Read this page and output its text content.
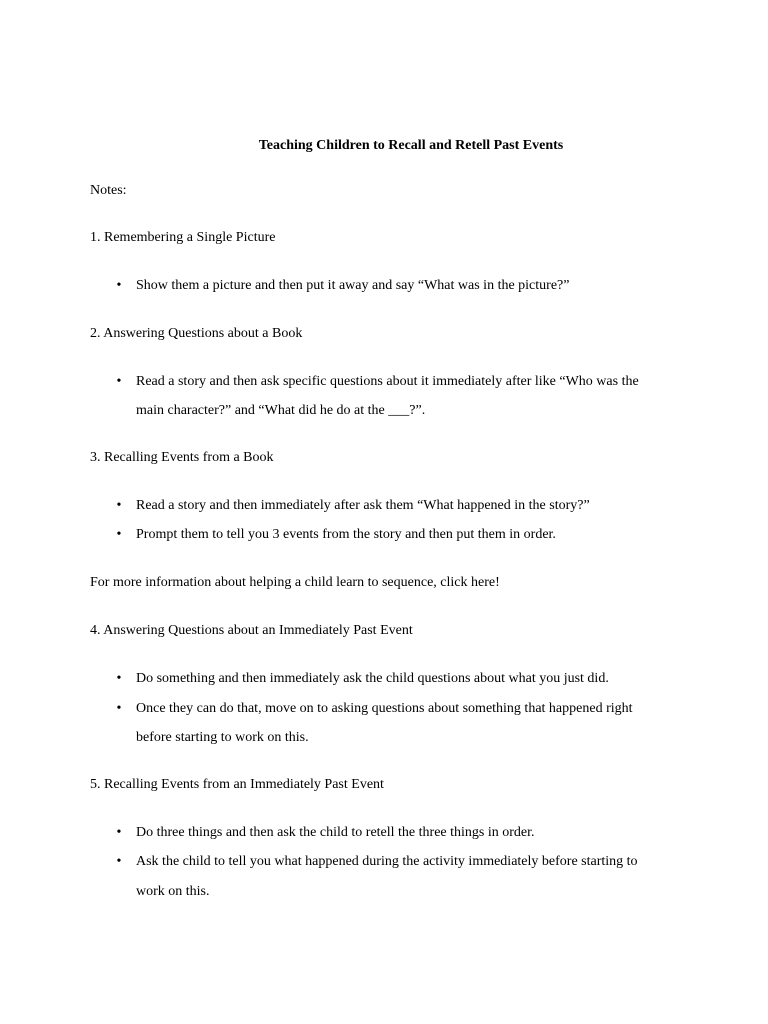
Teaching Children to Recall and Retell Past Events
Notes:
1. Remembering a Single Picture
•	Show them a picture and then put it away and say “What was in the picture?”
2. Answering Questions about a Book
•	Read a story and then ask specific questions about it immediately after like “Who was the
main character?” and “What did he do at the ___?”.
3. Recalling Events from a Book
•	Read a story and then immediately after ask them “What happened in the story?”
•	Prompt them to tell you 3 events from the story and then put them in order.
For more information about helping a child learn to sequence, click here!
4. Answering Questions about an Immediately Past Event
•	Do something and then immediately ask the child questions about what you just did.
•	Once they can do that, move on to asking questions about something that happened right
before starting to work on this.
5. Recalling Events from an Immediately Past Event
•	Do three things and then ask the child to retell the three things in order.
•	Ask the child to tell you what happened during the activity immediately before starting to
work on this.
